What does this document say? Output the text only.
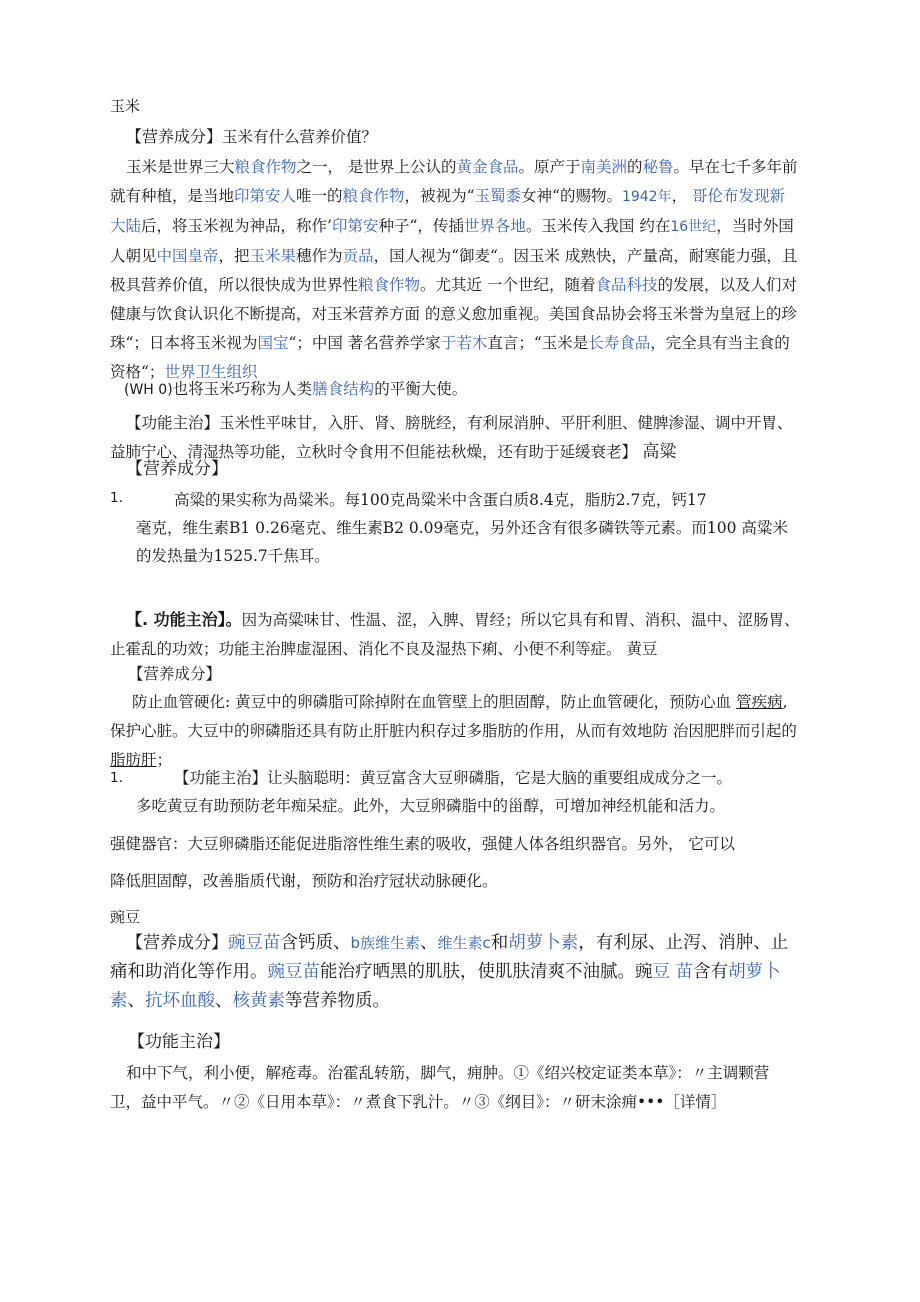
玉米
【营养成分】玉米有什么营养价值？
玉米是世界三大粮食作物之一， 是世界上公认的黄金食品。原产于南美洲的秘鲁。早在七千多年前就有种植，是当地印第安人唯一的粮食作物，被视为“玉蜀黍女神“的赐物。1942年， 哥伦布发现新大陆后，将玉米视为神品，称作’印第安种子“，传插世界各地。玉米传入我国 约在16世纪，当时外国人朝见中国皇帝，把玉米果穗作为贡品，国人视为“御麦“。因玉米 成熟快，产量高，耐寒能力强，且极具营养价值，所以很快成为世界性粮食作物。尤其近 一个世纪，随着食品科技的发展，以及人们对健康与饮食认识化不断提高，对玉米营养方面 的意义愈加重视。美国食品协会将玉米誉为皇冠上的珍珠“；日本将玉米视为国宝“；中国 著名营养学家于若木直言；“玉米是长寿食品，完全具有当主食的资格“；世界卫生组织
(WH 0)也将玉米巧称为人类膳食结构的平衡大使。
【功能主治】玉米性平味甘，入肝、肾、膀胱经，有利尿消肿、平肝利胆、健脾渗湿、调中开胃、益肺宁心、清湿热等功能，立秋时令食用不但能祛秋燥，还有助于延缓衰老】 高粱
【营养成分】
1.	高粱的果实称为咼粱米。每100克咼粱米中含蛋白质8.4克，脂肪2.7克，钙17
毫克，维生素B1 0.26毫克、维生素B2 0.09毫克，另外还含有很多磷铁等元素。而100 高粱米的发热量为1525.7千焦耳。
【. 功能主治】。因为高粱味甘、性温、涩，入脾、胃经；所以它具有和胃、消积、温中、涩肠胃、止霍乱的功效；功能主治脾虚湿困、消化不良及湿热下痢、小便不利等症。 黄豆
【营养成分】
防止血管硬化: 黄豆中的卵磷脂可除掉附在血管壁上的胆固醇，防止血管硬化，预防心血 管疾病, 保护心脏。大豆中的卵磷脂还具有防止肝脏内积存过多脂肪的作用，从而有效地防 治因肥胖而引起的脂肪肝；
1.	【功能主治】让头脑聪明：黄豆富含大豆卵磷脂，它是大脑的重要组成成分之一。
多吃黄豆有助预防老年痴呆症。此外，大豆卵磷脂中的甾醇，可增加神经机能和活力。
强健器官：大豆卵磷脂还能促进脂溶性维生素的吸收，强健人体各组织器官。另外， 它可以
降低胆固醇，改善脂质代谢，预防和治疗冠状动脉硬化。
豌豆
【营养成分】豌豆苗含钙质、b族维生素、维生素c和胡萝卜素，有利尿、止泻、消肿、止痛和助消化等作用。豌豆苗能治疗晒黑的肌肤，使肌肤清爽不油腻。豌豆 苗含有胡萝卜素、抗坏血酸、核黄素等营养物质。
【功能主治】
和中下气，利小便，解疮毒。治霍乱转筋，脚气，痈肿。①《绍兴校定证类本草》：〃主调颗营卫，益中平气。〃②《日用本草》：〃煮食下乳汁。〃③《纲目》：〃研末涂痈•••［详情］
